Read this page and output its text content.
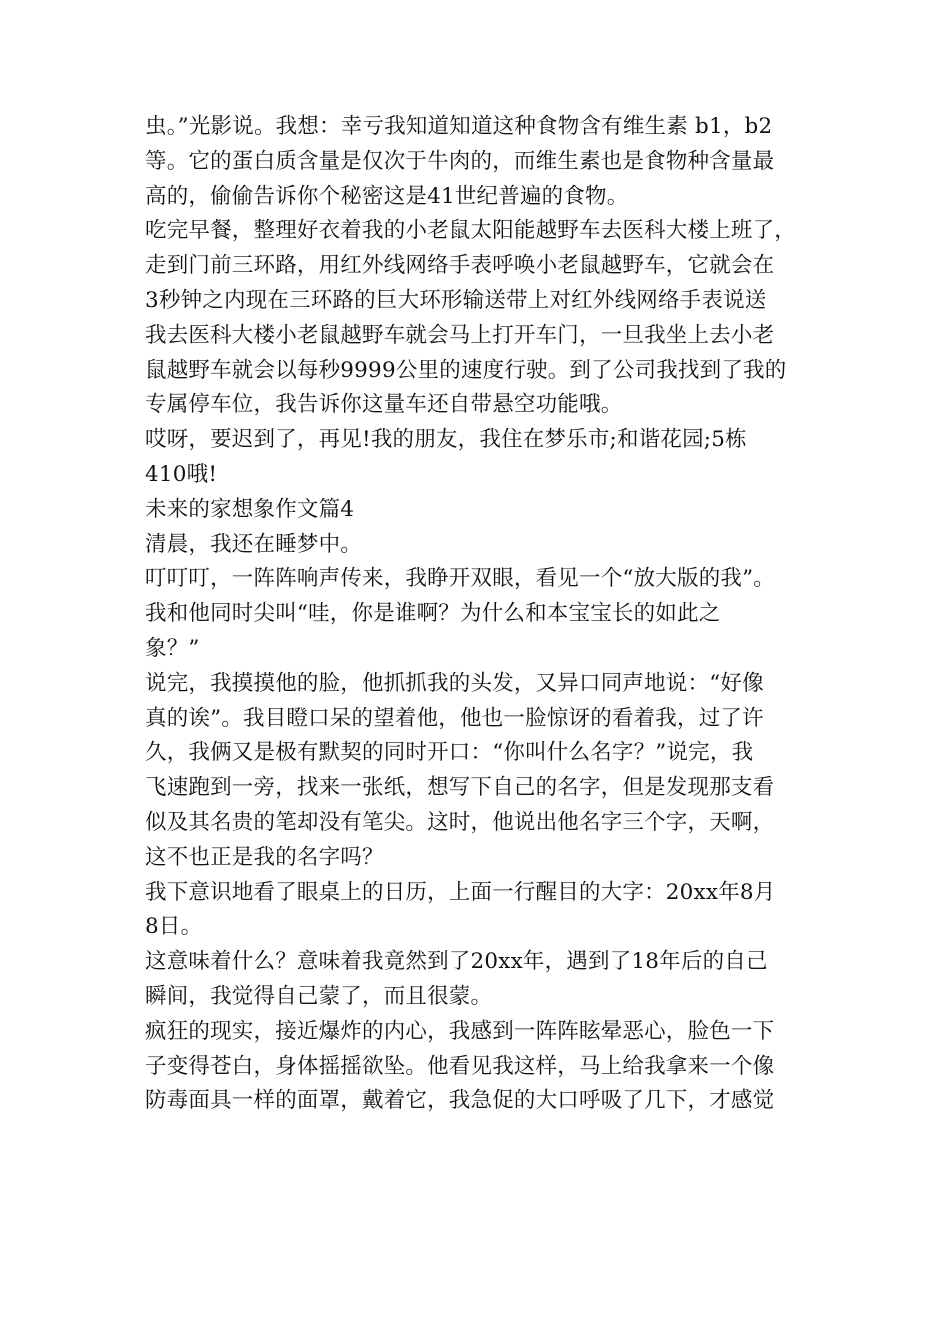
虫。”光影说。我想：幸亏我知道知道这种食物含有维生素 b1，b2
等。它的蛋白质含量是仅次于牛肉的，而维生素也是食物种含量最
高的，偷偷告诉你个秘密这是41世纪普遍的食物。
吃完早餐，整理好衣着我的小老鼠太阳能越野车去医科大楼上班了，
走到门前三环路，用红外线网络手表呼唤小老鼠越野车，它就会在
3秒钟之内现在三环路的巨大环形输送带上对红外线网络手表说送
我去医科大楼小老鼠越野车就会马上打开车门，一旦我坐上去小老
鼠越野车就会以每秒9999公里的速度行驶。到了公司我找到了我的
专属停车位，我告诉你这量车还自带悬空功能哦。
哎呀，要迟到了，再见!我的朋友，我住在梦乐市;和谐花园;5栋
410哦!
未来的家想象作文篇4
清晨，我还在睡梦中。
叮叮叮，一阵阵响声传来，我睁开双眼，看见一个“放大版的我”。
我和他同时尖叫“哇，你是谁啊？为什么和本宝宝长的如此之
象？”
说完，我摸摸他的脸，他抓抓我的头发，又异口同声地说：“好像
真的诶”。我目瞪口呆的望着他，他也一脸惊讶的看着我，过了许
久，我俩又是极有默契的同时开口：“你叫什么名字？”说完，我
飞速跑到一旁，找来一张纸，想写下自己的名字，但是发现那支看
似及其名贵的笔却没有笔尖。这时，他说出他名字三个字，天啊，
这不也正是我的名字吗？
我下意识地看了眼桌上的日历，上面一行醒目的大字：20xx年8月
8日。
这意味着什么？意味着我竟然到了20xx年，遇到了18年后的自己
瞬间，我觉得自己蒙了，而且很蒙。
疯狂的现实，接近爆炸的内心，我感到一阵阵眩晕恶心，脸色一下
子变得苍白，身体摇摇欲坠。他看见我这样，马上给我拿来一个像
防毒面具一样的面罩，戴着它，我急促的大口呼吸了几下，才感觉
